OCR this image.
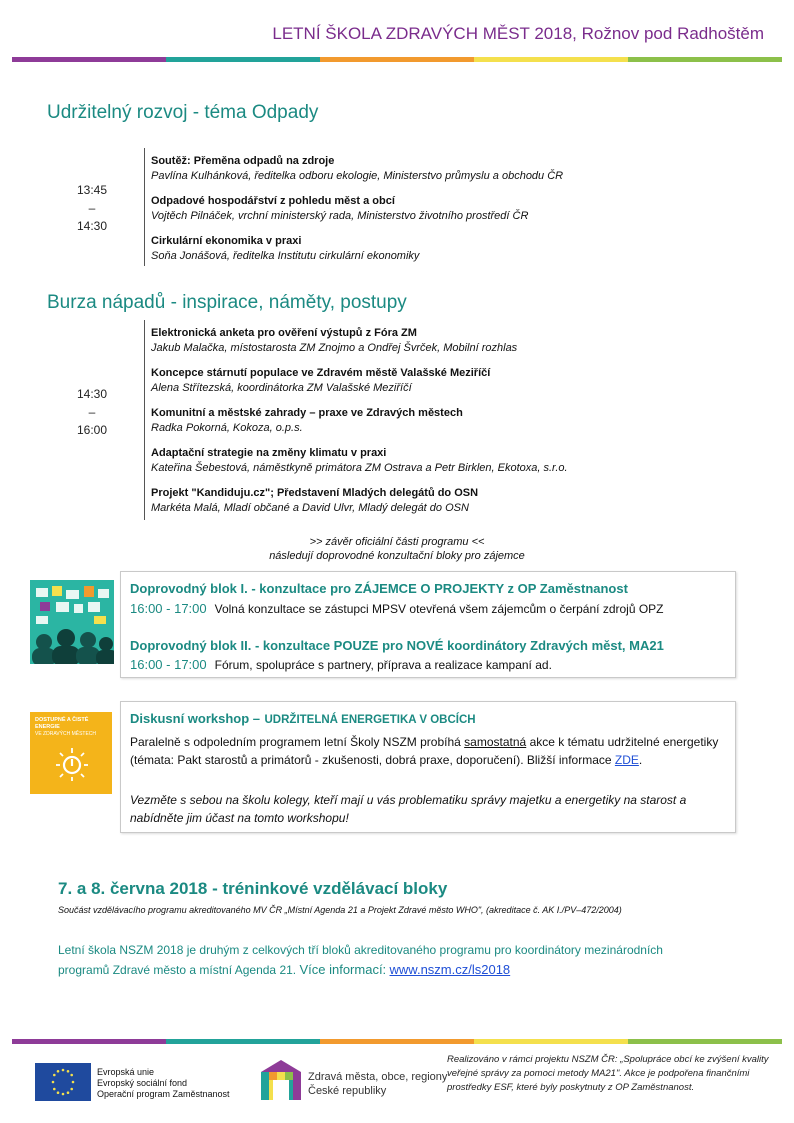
LETNÍ ŠKOLA ZDRAVÝCH MĚST 2018, Rožnov pod Radhoštěm
Udržitelný rozvoj - téma Odpady
13:45
–
14:30
Soutěž: Přeměna odpadů na zdroje
Pavlína Kulhánková, ředitelka odboru ekologie, Ministerstvo průmyslu a obchodu ČR
Odpadové hospodářství z pohledu měst a obcí
Vojtěch Pilnáček, vrchní ministerský rada, Ministerstvo životního prostředí ČR
Cirkulární ekonomika v praxi
Soňa Jonášová, ředitelka Institutu cirkulární ekonomiky
Burza nápadů - inspirace, náměty, postupy
14:30
–
16:00
Elektronická anketa pro ověření výstupů z Fóra ZM
Jakub Malačka, místostarosta ZM Znojmo a Ondřej Švrček, Mobilní rozhlas
Koncepce stárnutí populace ve Zdravém městě Valašské Meziříčí
Alena Střítezská, koordinátorka ZM Valašské Meziříčí
Komunitní a městské zahrady – praxe ve Zdravých městech
Radka Pokorná, Kokoza, o.p.s.
Adaptační strategie na změny klimatu v praxi
Kateřina Šebestová, náměstkyně primátora ZM Ostrava a Petr Birklen, Ekotoxa, s.r.o.
Projekt "Kandiduju.cz"; Představení Mladých delegátů do OSN
Markéta Malá, Mladí občané a David Ulvr, Mladý delegát do OSN
>> závěr oficiální části programu <<
následují doprovodné konzultační bloky pro zájemce
Doprovodný blok I. - konzultace pro ZÁJEMCE O PROJEKTY z OP Zaměstnanost
16:00 - 17:00 Volná konzultace se zástupci MPSV otevřená všem zájemcům o čerpání zdrojů OPZ
Doprovodný blok II. - konzultace POUZE pro NOVÉ koordinátory Zdravých měst, MA21
16:00 - 17:00 Fórum, spolupráce s partnery, příprava a realizace kampaní ad.
DOSTUPNÉ A ČISTÉ
ENERGIE
VE ZDRAVÝCH MĚSTECH
Diskusní workshop – UDRŽITELNÁ ENERGETIKA V OBCÍCH
Paralelně s odpoledním programem letní Školy NSZM probíhá samostatná akce k tématu udržitelné energetiky (témata: Pakt starostů a primátorů - zkušenosti, dobrá praxe, doporučení). Bližší informace ZDE.
Vezměte s sebou na školu kolegy, kteří mají u vás problematiku správy majetku a energetiky na starost a nabídněte jim účast na tomto workshopu!
7. a 8. června 2018 - tréninkové vzdělávací bloky
Součást vzdělávacího programu akreditovaného MV ČR „Místní Agenda 21 a Projekt Zdravé město WHO", (akreditace č. AK I./PV–472/2004)
Letní škola NSZM 2018 je druhým z celkových tří bloků akreditovaného programu pro koordinátory mezinárodních programů Zdravé město a místní Agenda 21. Více informací: www.nszm.cz/ls2018
Evropská unie
Evropský sociální fond
Operační program Zaměstnanost
Zdravá města, obce, regiony
České republiky
Realizováno v rámci projektu NSZM ČR: „Spolupráce obcí ke zvýšení kvality veřejné správy za pomoci metody MA21". Akce je podpořena finančními prostředky ESF, které byly poskytnuty z OP Zaměstnanost.
